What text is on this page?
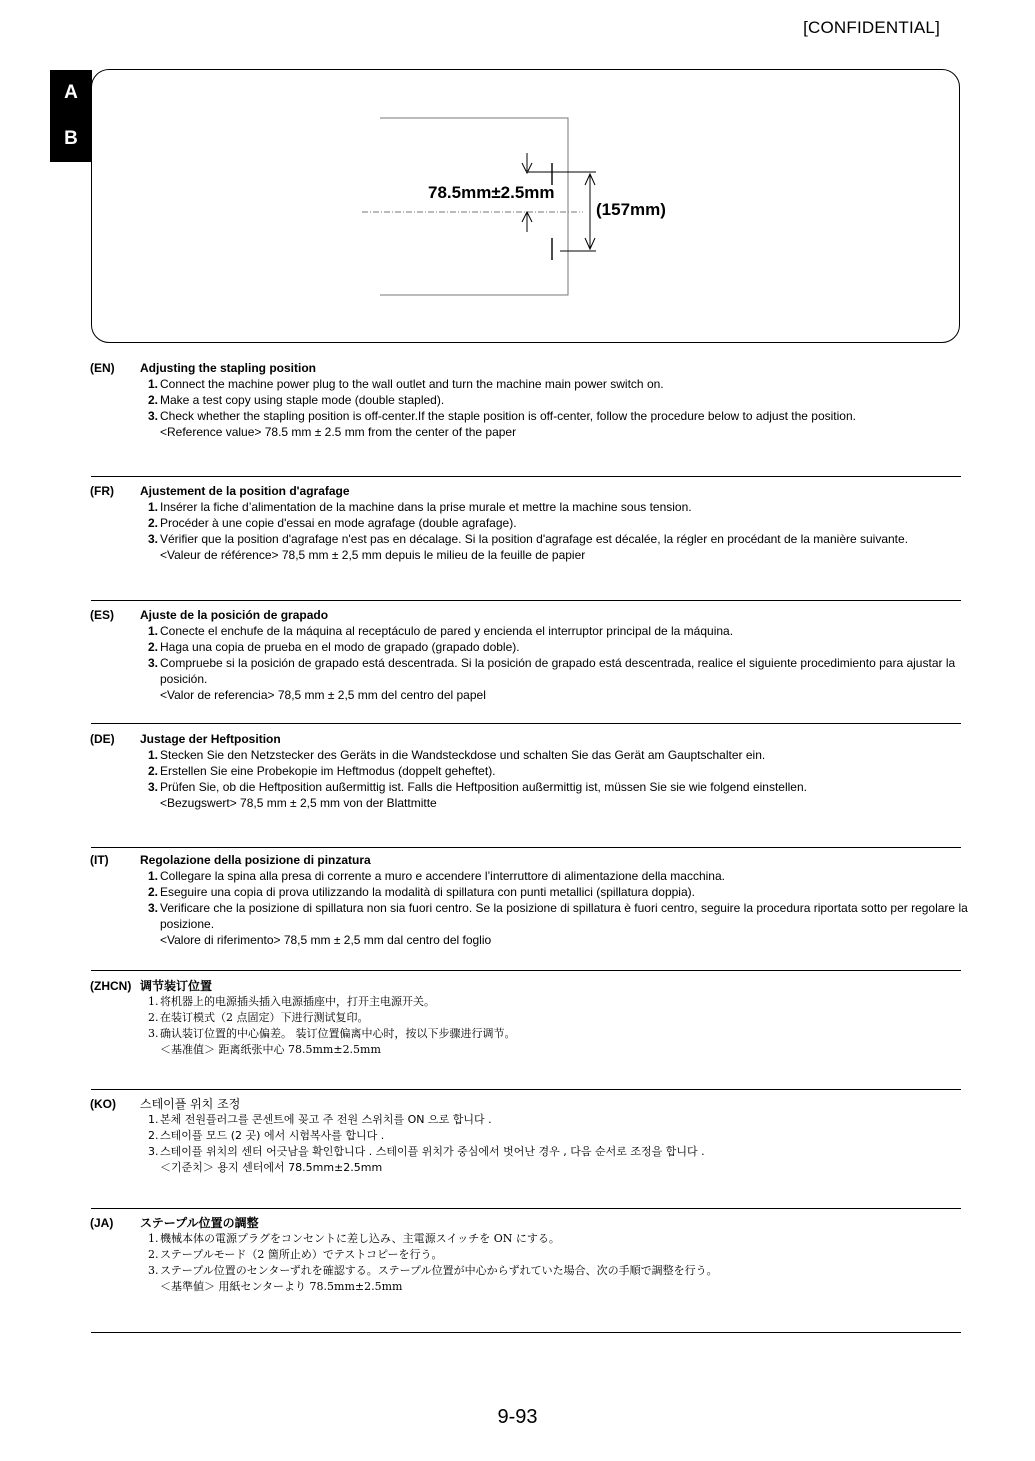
[CONFIDENTIAL]
A
B
78.5mm±2.5mm
(157mm)
(EN)	Adjusting the stapling position
1. Connect the machine power plug to the wall outlet and turn the machine main power switch on.
2. Make a test copy using staple mode (double stapled).
3. Check whether the stapling position is off-center.If the staple position is off-center, follow the procedure below to adjust the position.
<Reference value> 78.5 mm ± 2.5 mm from the center of the paper
(FR)	Ajustement de la position d'agrafage
1. Insérer la fiche d’alimentation de la machine dans la prise murale et mettre la machine sous tension.
2. Procéder à une copie d'essai en mode agrafage (double agrafage).
3. Vérifier que la position d'agrafage n'est pas en décalage. Si la position d'agrafage est décalée, la régler en procédant de la manière suivante.
<Valeur de référence> 78,5 mm ± 2,5 mm depuis le milieu de la feuille de papier
(ES)	Ajuste de la posición de grapado
1. Conecte el enchufe de la máquina al receptáculo de pared y encienda el interruptor principal de la máquina.
2. Haga una copia de prueba en el modo de grapado (grapado doble).
3. Compruebe si la posición de grapado está descentrada. Si la posición de grapado está descentrada, realice el siguiente procedimiento para ajustar la posición.
<Valor de referencia> 78,5 mm ± 2,5 mm del centro del papel
(DE)	Justage der Heftposition
1. Stecken Sie den Netzstecker des Geräts in die Wandsteckdose und schalten Sie das Gerät am Gauptschalter ein.
2. Erstellen Sie eine Probekopie im Heftmodus (doppelt geheftet).
3. Prüfen Sie, ob die Heftposition außermittig ist. Falls die Heftposition außermittig ist, müssen Sie sie wie folgend einstellen.
<Bezugswert> 78,5 mm ± 2,5 mm von der Blattmitte
(IT)	Regolazione della posizione di pinzatura
1. Collegare la spina alla presa di corrente a muro e accendere l’interruttore di alimentazione della macchina.
2. Eseguire una copia di prova utilizzando la modalità di spillatura con punti metallici (spillatura doppia).
3. Verificare che la posizione di spillatura non sia fuori centro. Se la posizione di spillatura è fuori centro, seguire la procedura riportata sotto per regolare la posizione.
<Valore di riferimento> 78,5 mm ± 2,5 mm dal centro del foglio
(ZHCN) 调节装订位置
1. 将机器上的电源插头插入电源插座中，打开主电源开关。
2. 在装订模式（2 点固定）下进行测试复印。
3. 确认装订位置的中心偏差。 装订位置偏离中心时，按以下步骤进行调节。
＜基准值＞ 距离纸张中心 78.5mm±2.5mm
(KO)	스테이플 위치 조정
1. 본체 전원플러그를 콘센트에 꽂고 주 전원 스위치를 ON 으로 합니다 .
2. 스테이플 모드 (2 곳) 에서 시험복사를 합니다 .
3. 스테이플 위치의 센터 어긋남을 확인합니다 . 스테이플 위치가 중심에서 벗어난 경우 , 다음 순서로 조정을 합니다 .
＜기준치＞ 용지 센터에서 78.5mm±2.5mm
(JA)	ステープル位置の調整
1. 機械本体の電源プラグをコンセントに差し込み、主電源スイッチを ON にする。
2. ステープルモード（2 箇所止め）でテストコピーを行う。
3. ステープル位置のセンターずれを確認する。ステープル位置が中心からずれていた場合、次の手順で調整を行う。
＜基準値＞ 用紙センターより 78.5mm±2.5mm
9-93
